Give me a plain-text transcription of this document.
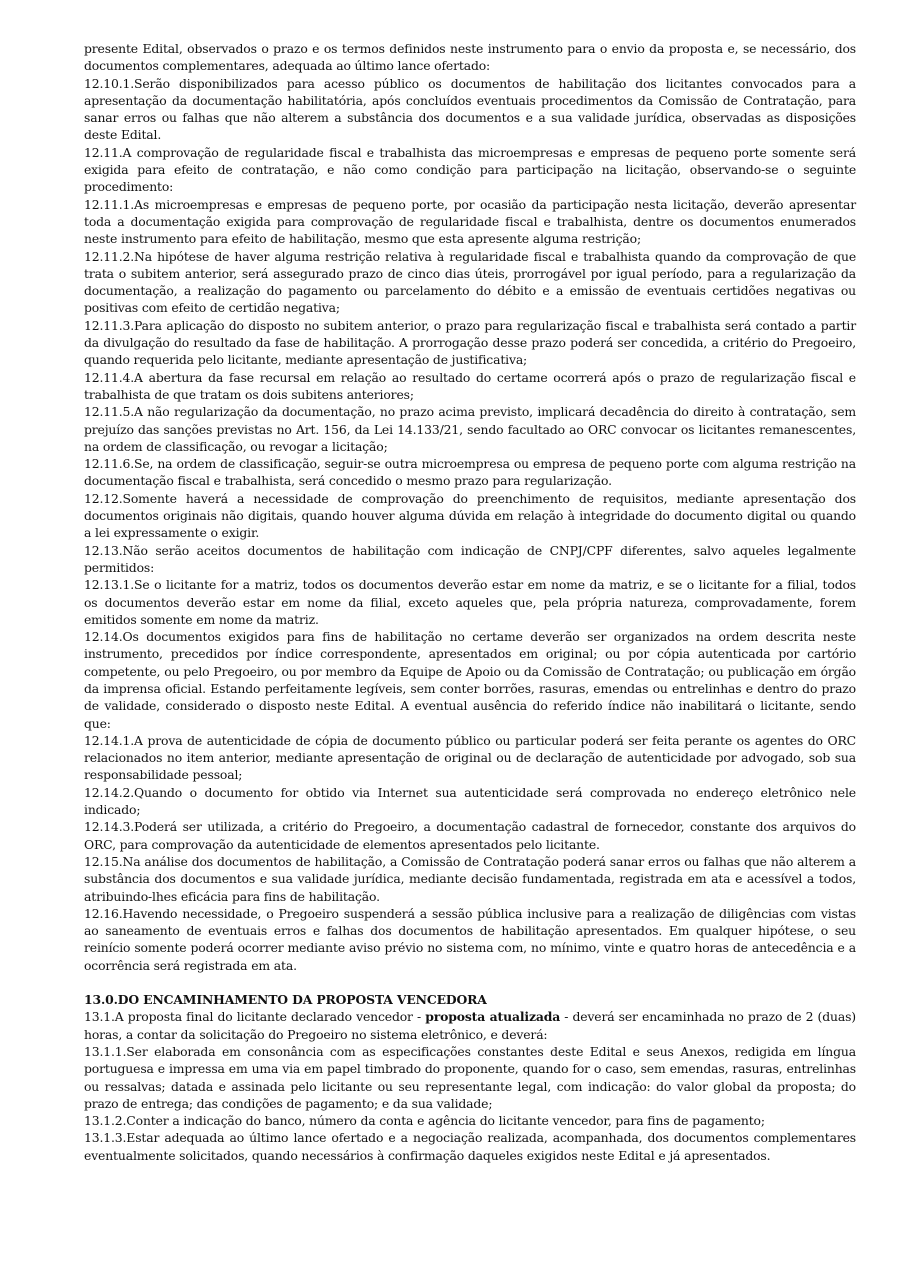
presente Edital, observados o prazo e os termos definidos neste instrumento para o envio da proposta e, se necessário, dos documentos complementares, adequada ao último lance ofertado:

12.10.1.Serão disponibilizados para acesso público os documentos de habilitação dos licitantes convocados para a apresentação da documentação habilitatória, após concluídos eventuais procedimentos da Comissão de Contratação, para sanar erros ou falhas que não alterem a substância dos documentos e a sua validade jurídica, observadas as disposições deste Edital.

12.11.A comprovação de regularidade fiscal e trabalhista das microempresas e empresas de pequeno porte somente será exigida para efeito de contratação, e não como condição para participação na licitação, observando-se o seguinte procedimento:

12.11.1.As microempresas e empresas de pequeno porte, por ocasião da participação nesta licitação, deverão apresentar toda a documentação exigida para comprovação de regularidade fiscal e trabalhista, dentre os documentos enumerados neste instrumento para efeito de habilitação, mesmo que esta apresente alguma restrição;

12.11.2.Na hipótese de haver alguma restrição relativa à regularidade fiscal e trabalhista quando da comprovação de que trata o subitem anterior, será assegurado prazo de cinco dias úteis, prorrogável por igual período, para a regularização da documentação, a realização do pagamento ou parcelamento do débito e a emissão de eventuais certidões negativas ou positivas com efeito de certidão negativa;

12.11.3.Para aplicação do disposto no subitem anterior, o prazo para regularização fiscal e trabalhista será contado a partir da divulgação do resultado da fase de habilitação. A prorrogação desse prazo poderá ser concedida, a critério do Pregoeiro, quando requerida pelo licitante, mediante apresentação de justificativa;

12.11.4.A abertura da fase recursal em relação ao resultado do certame ocorrerá após o prazo de regularização fiscal e trabalhista de que tratam os dois subitens anteriores;

12.11.5.A não regularização da documentação, no prazo acima previsto, implicará decadência do direito à contratação, sem prejuízo das sanções previstas no Art. 156, da Lei 14.133/21, sendo facultado ao ORC convocar os licitantes remanescentes, na ordem de classificação, ou revogar a licitação;

12.11.6.Se, na ordem de classificação, seguir-se outra microempresa ou empresa de pequeno porte com alguma restrição na documentação fiscal e trabalhista, será concedido o mesmo prazo para regularização.

12.12.Somente haverá a necessidade de comprovação do preenchimento de requisitos, mediante apresentação dos documentos originais não digitais, quando houver alguma dúvida em relação à integridade do documento digital ou quando a lei expressamente o exigir.

12.13.Não serão aceitos documentos de habilitação com indicação de CNPJ/CPF diferentes, salvo aqueles legalmente permitidos:

12.13.1.Se o licitante for a matriz, todos os documentos deverão estar em nome da matriz, e se o licitante for a filial, todos os documentos deverão estar em nome da filial, exceto aqueles que, pela própria natureza, comprovadamente, forem emitidos somente em nome da matriz.

12.14.Os documentos exigidos para fins de habilitação no certame deverão ser organizados na ordem descrita neste instrumento, precedidos por índice correspondente, apresentados em original; ou por cópia autenticada por cartório competente, ou pelo Pregoeiro, ou por membro da Equipe de Apoio ou da Comissão de Contratação; ou publicação em órgão da imprensa oficial. Estando perfeitamente legíveis, sem conter borrões, rasuras, emendas ou entrelinhas e dentro do prazo de validade, considerado o disposto neste Edital. A eventual ausência do referido índice não inabilitará o licitante, sendo que:

12.14.1.A prova de autenticidade de cópia de documento público ou particular poderá ser feita perante os agentes do ORC relacionados no item anterior, mediante apresentação de original ou de declaração de autenticidade por advogado, sob sua responsabilidade pessoal;

12.14.2.Quando o documento for obtido via Internet sua autenticidade será comprovada no endereço eletrônico nele indicado;

12.14.3.Poderá ser utilizada, a critério do Pregoeiro, a documentação cadastral de fornecedor, constante dos arquivos do ORC, para comprovação da autenticidade de elementos apresentados pelo licitante.

12.15.Na análise dos documentos de habilitação, a Comissão de Contratação poderá sanar erros ou falhas que não alterem a substância dos documentos e sua validade jurídica, mediante decisão fundamentada, registrada em ata e acessível a todos, atribuindo-lhes eficácia para fins de habilitação.

12.16.Havendo necessidade, o Pregoeiro suspenderá a sessão pública inclusive para a realização de diligências com vistas ao saneamento de eventuais erros e falhas dos documentos de habilitação apresentados. Em qualquer hipótese, o seu reinício somente poderá ocorrer mediante aviso prévio no sistema com, no mínimo, vinte e quatro horas de antecedência e a ocorrência será registrada em ata.

13.0.DO ENCAMINHAMENTO DA PROPOSTA VENCEDORA

13.1.A proposta final do licitante declarado vencedor - proposta atualizada - deverá ser encaminhada no prazo de 2 (duas) horas, a contar da solicitação do Pregoeiro no sistema eletrônico, e deverá:

13.1.1.Ser elaborada em consonância com as especificações constantes deste Edital e seus Anexos, redigida em língua portuguesa e impressa em uma via em papel timbrado do proponente, quando for o caso, sem emendas, rasuras, entrelinhas ou ressalvas; datada e assinada pelo licitante ou seu representante legal, com indicação: do valor global da proposta; do prazo de entrega; das condições de pagamento; e da sua validade;

13.1.2.Conter a indicação do banco, número da conta e agência do licitante vencedor, para fins de pagamento;

13.1.3.Estar adequada ao último lance ofertado e a negociação realizada, acompanhada, dos documentos complementares eventualmente solicitados, quando necessários à confirmação daqueles exigidos neste Edital e já apresentados.
